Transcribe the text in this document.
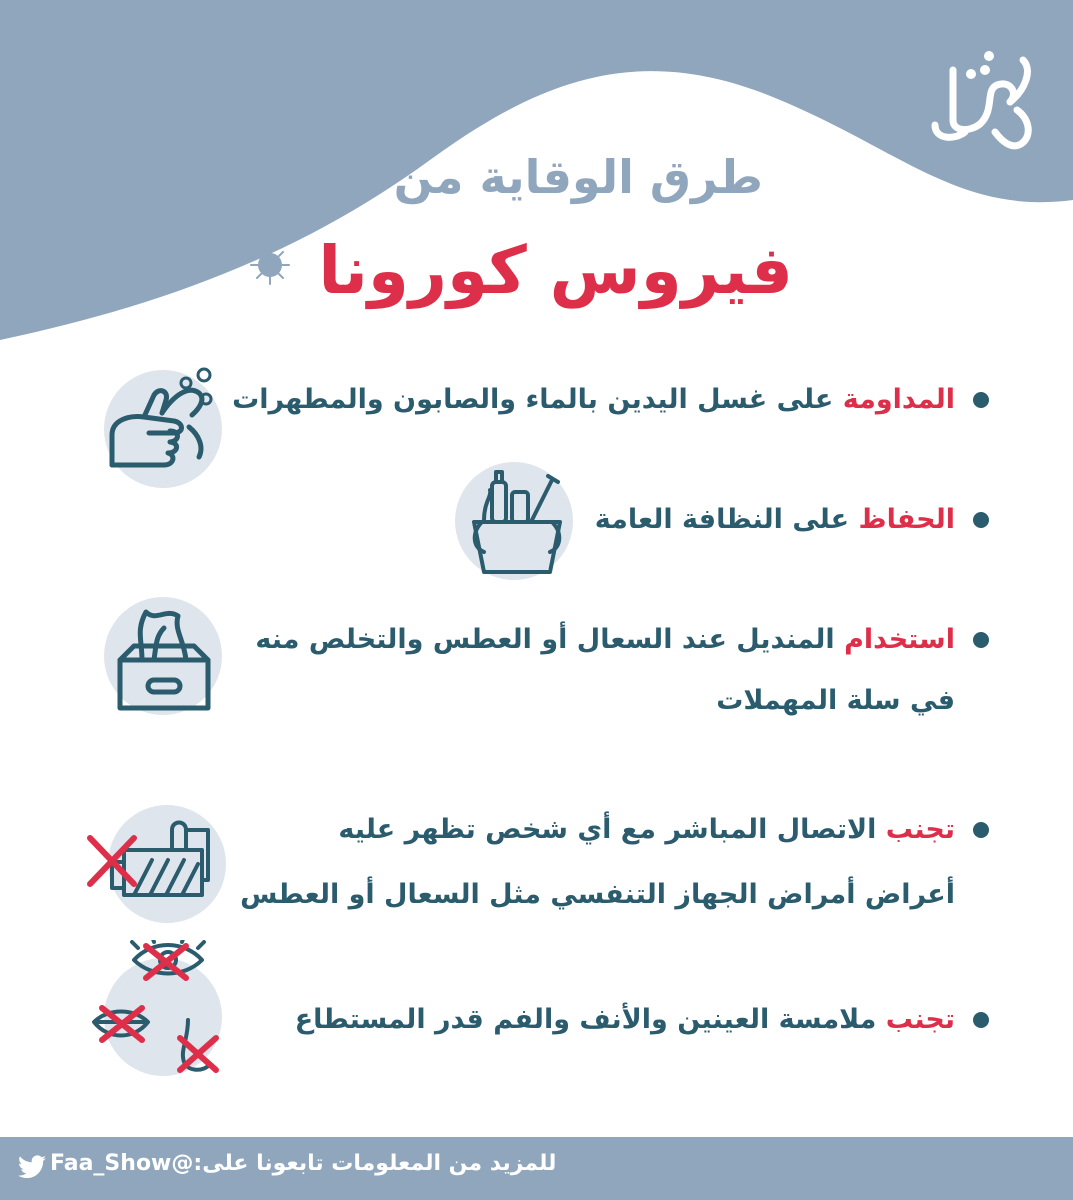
طرق الوقاية من
فيروس كورونا
المداومة على غسل اليدين بالماء والصابون والمطهرات
الحفاظ على النظافة العامة
استخدام المنديل عند السعال أو العطس والتخلص منه
في سلة المهملات
تجنب الاتصال المباشر مع أي شخص تظهر عليه
أعراض أمراض الجهاز التنفسي مثل السعال أو العطس
تجنب ملامسة العينين والأنف والفم قدر المستطاع
للمزيد من المعلومات تابعونا على:@Faa_Show
